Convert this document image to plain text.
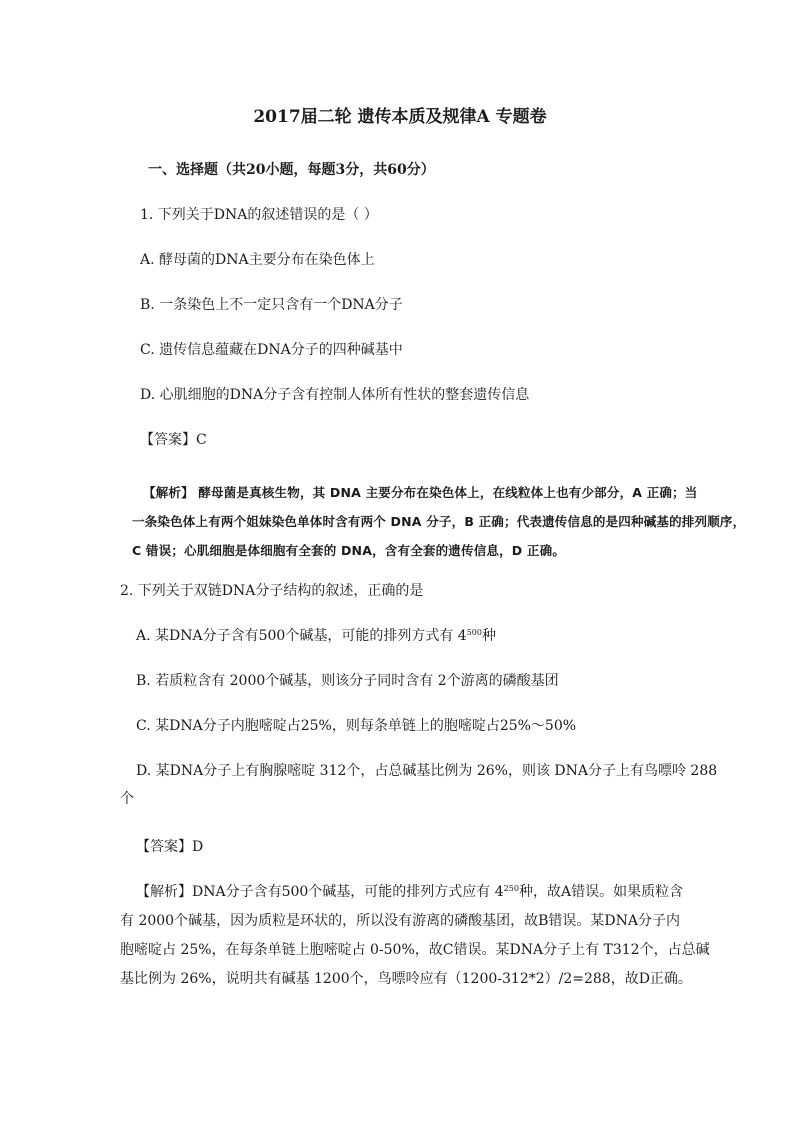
2017届二轮 遗传本质及规律A 专题卷
一、选择题（共20小题，每题3分，共60分）
1. 下列关于DNA的叙述错误的是（ ）
A. 酵母菌的DNA主要分布在染色体上
B. 一条染色上不一定只含有一个DNA分子
C. 遗传信息蕴藏在DNA分子的四种碱基中
D. 心肌细胞的DNA分子含有控制人体所有性状的整套遗传信息
【答案】C
【解析】 酵母菌是真核生物，其 DNA 主要分布在染色体上，在线粒体上也有少部分，A 正确；当
一条染色体上有两个姐妹染色单体时含有两个 DNA 分子，B 正确；代表遗传信息的是四种碱基的排列顺序，
C 错误；心肌细胞是体细胞有全套的 DNA，含有全套的遗传信息，D 正确。
2. 下列关于双链DNA分子结构的叙述，正确的是
A. 某DNA分子含有500个碱基，可能的排列方式有 $4^{500}$种
B. 若质粒含有 2000个碱基，则该分子同时含有 2个游离的磷酸基团
C. 某DNA分子内胞嘧啶占25%，则每条单链上的胞嘧啶占25%～50%
D. 某DNA分子上有胸腺嘧啶 312个，占总碱基比例为 26%，则该 DNA分子上有鸟嘌呤 288
个
【答案】D
【解析】DNA分子含有500个碱基，可能的排列方式应有 $4^{250}$种，故A错误。如果质粒含
有 2000个碱基，因为质粒是环状的，所以没有游离的磷酸基团，故B错误。某DNA分子内
胞嘧啶占 25%，在每条单链上胞嘧啶占 0-50%，故C错误。某DNA分子上有 T312个，占总碱
基比例为 26%，说明共有碱基 1200个，鸟嘌呤应有（1200-312*2）/2=288，故D正确。
